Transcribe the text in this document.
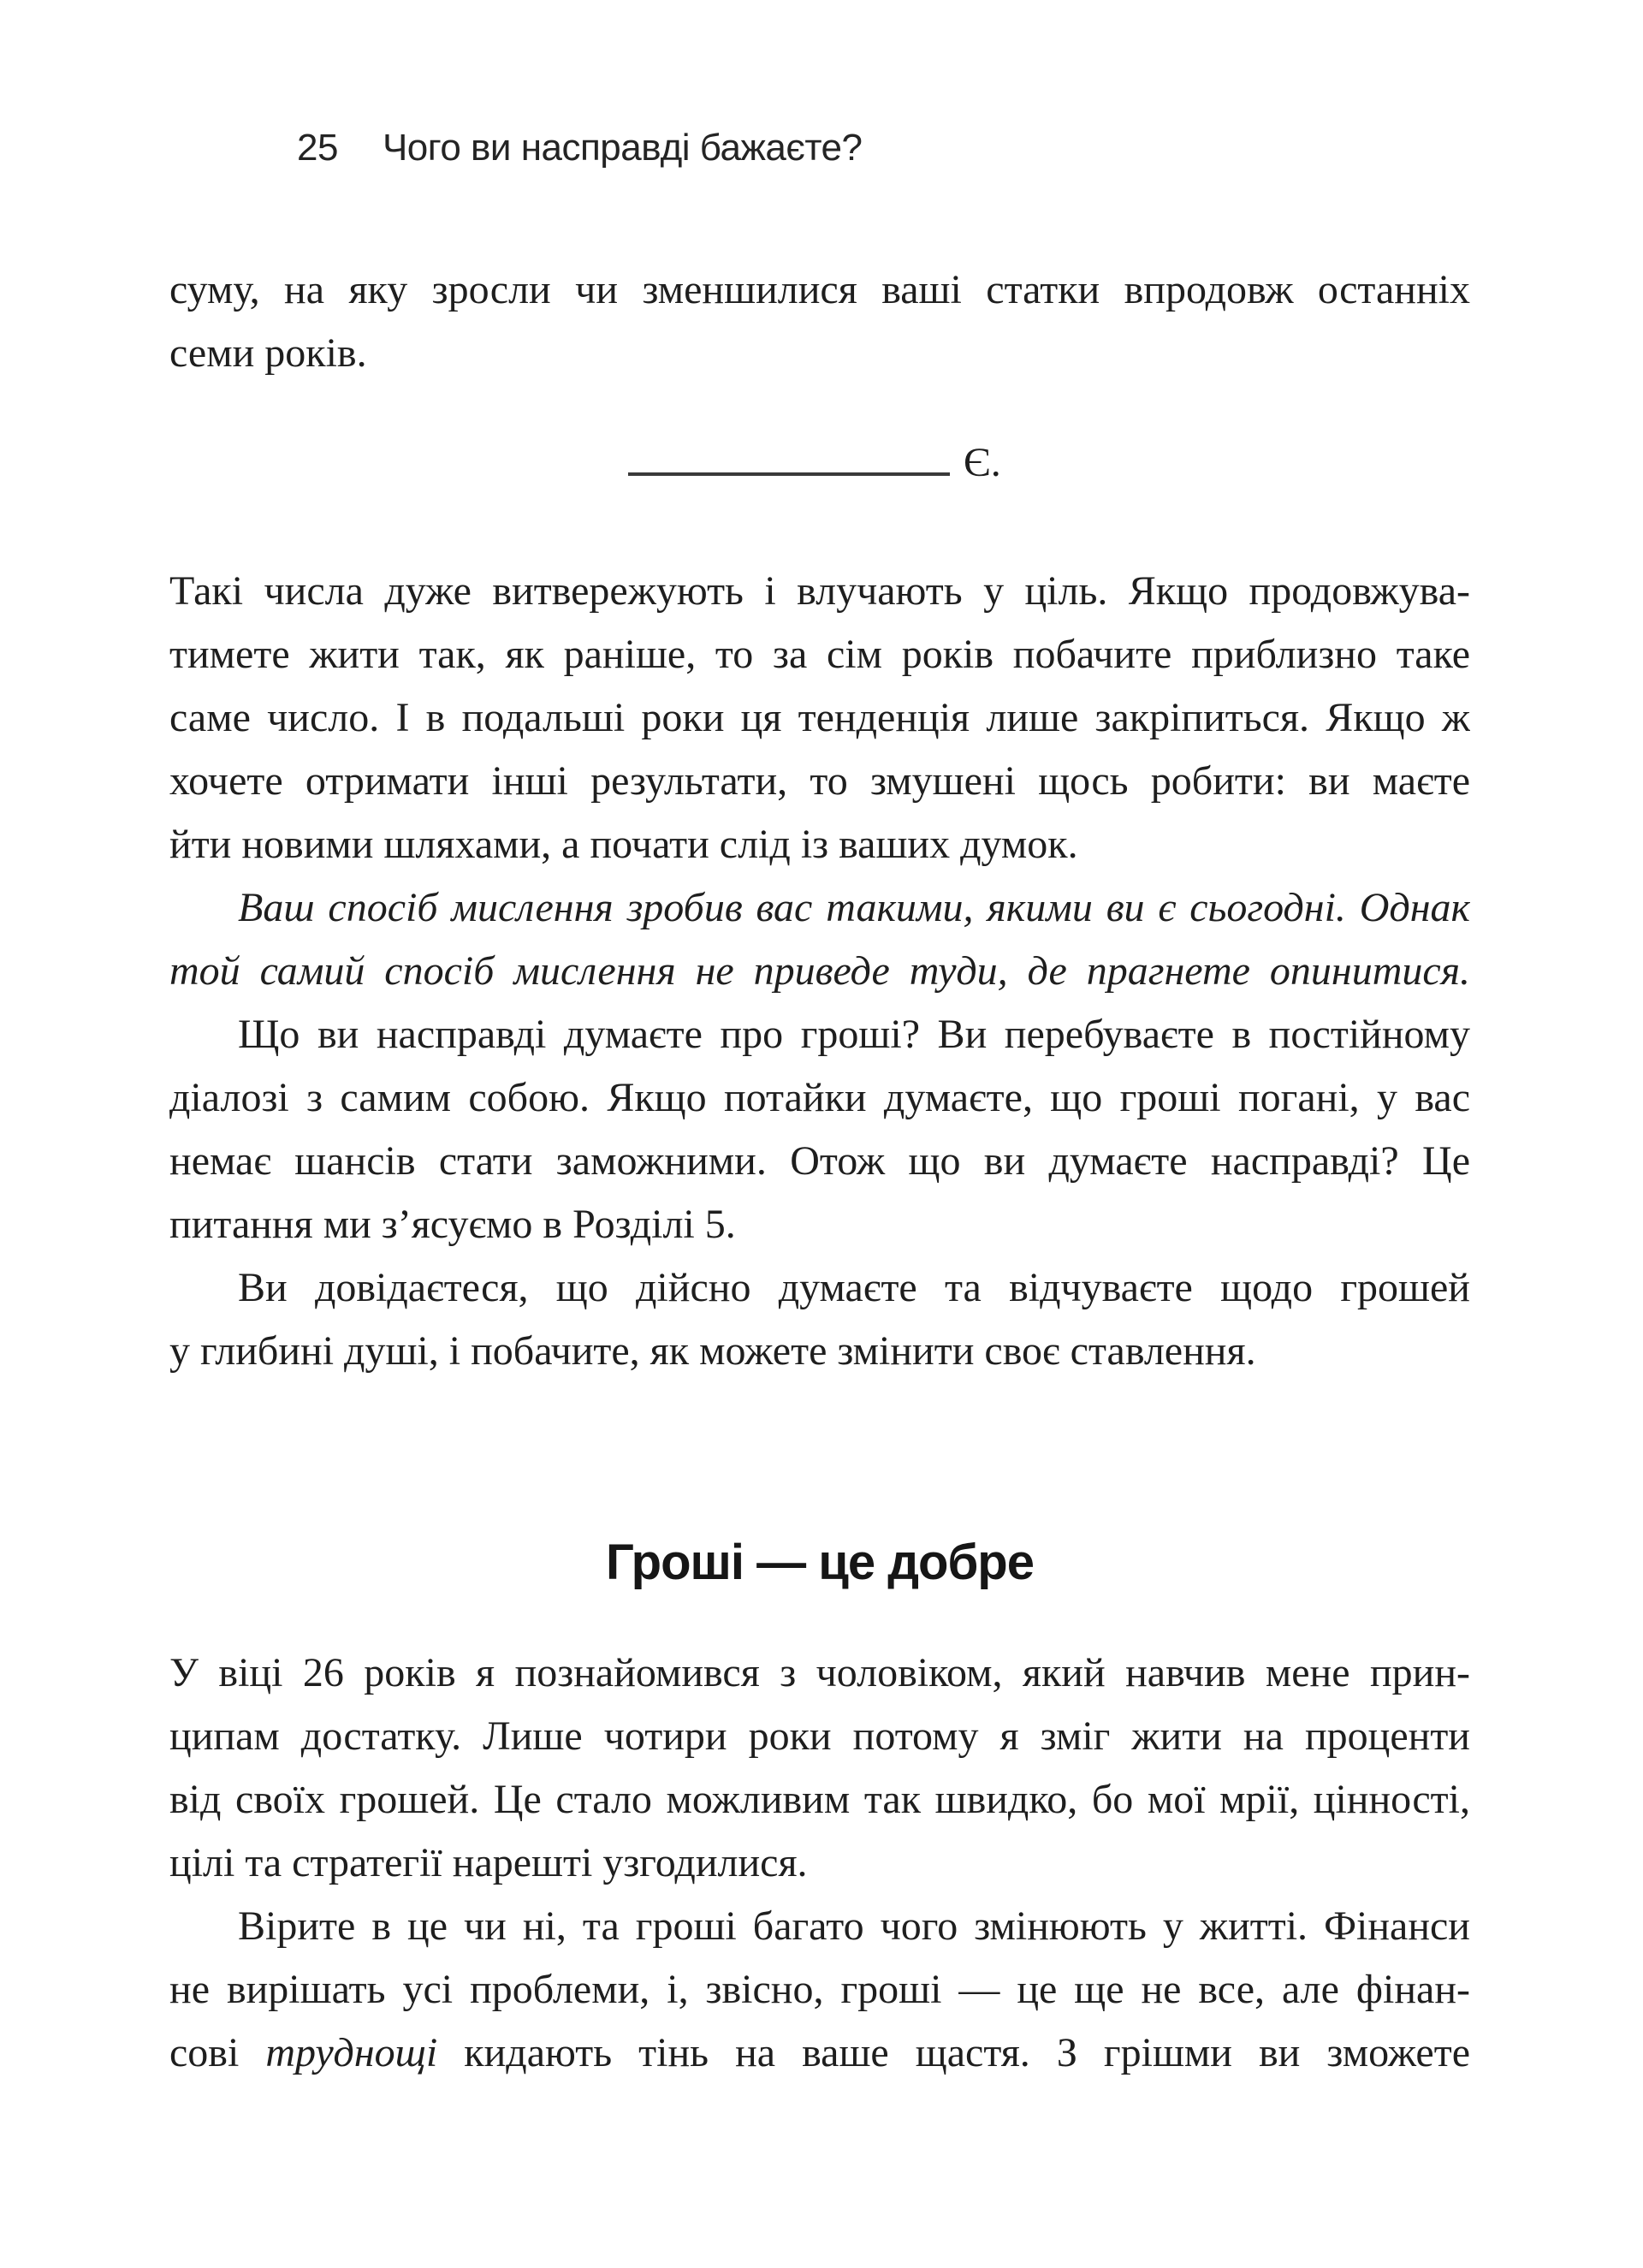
25 Чого ви насправді бажаєте?
суму, на яку зросли чи зменшилися ваші статки впродовж останніх
семи років.
Є.
Такі числа дуже витвережують і влучають у ціль. Якщо продовжува-
тимете жити так, як раніше, то за сім років побачите приблизно таке
саме число. І в подальші роки ця тенденція лише закріпиться. Якщо ж
хочете отримати інші результати, то змушені щось робити: ви маєте
йти новими шляхами, а почати слід із ваших думок.
Ваш спосіб мислення зробив вас такими, якими ви є сьогодні. Однак
той самий спосіб мислення не приведе туди, де прагнете опинитися.
Що ви насправді думаєте про гроші? Ви перебуваєте в постійному
діалозі з самим собою. Якщо потайки думаєте, що гроші погані, у вас
немає шансів стати заможними. Отож що ви думаєте насправді? Це
питання ми з’ясуємо в Розділі 5.
Ви довідаєтеся, що дійсно думаєте та відчуваєте щодо грошей
у глибині душі, і побачите, як можете змінити своє ставлення.
Гроші — це добре
У віці 26 років я познайомився з чоловіком, який навчив мене прин-
ципам достатку. Лише чотири роки потому я зміг жити на проценти
від своїх грошей. Це стало можливим так швидко, бо мої мрії, цінності,
цілі та стратегії нарешті узгодилися.
Вірите в це чи ні, та гроші багато чого змінюють у житті. Фінанси
не вирішать усі проблеми, і, звісно, гроші — це ще не все, але фінан-
сові труднощі кидають тінь на ваше щастя. З грішми ви зможете
